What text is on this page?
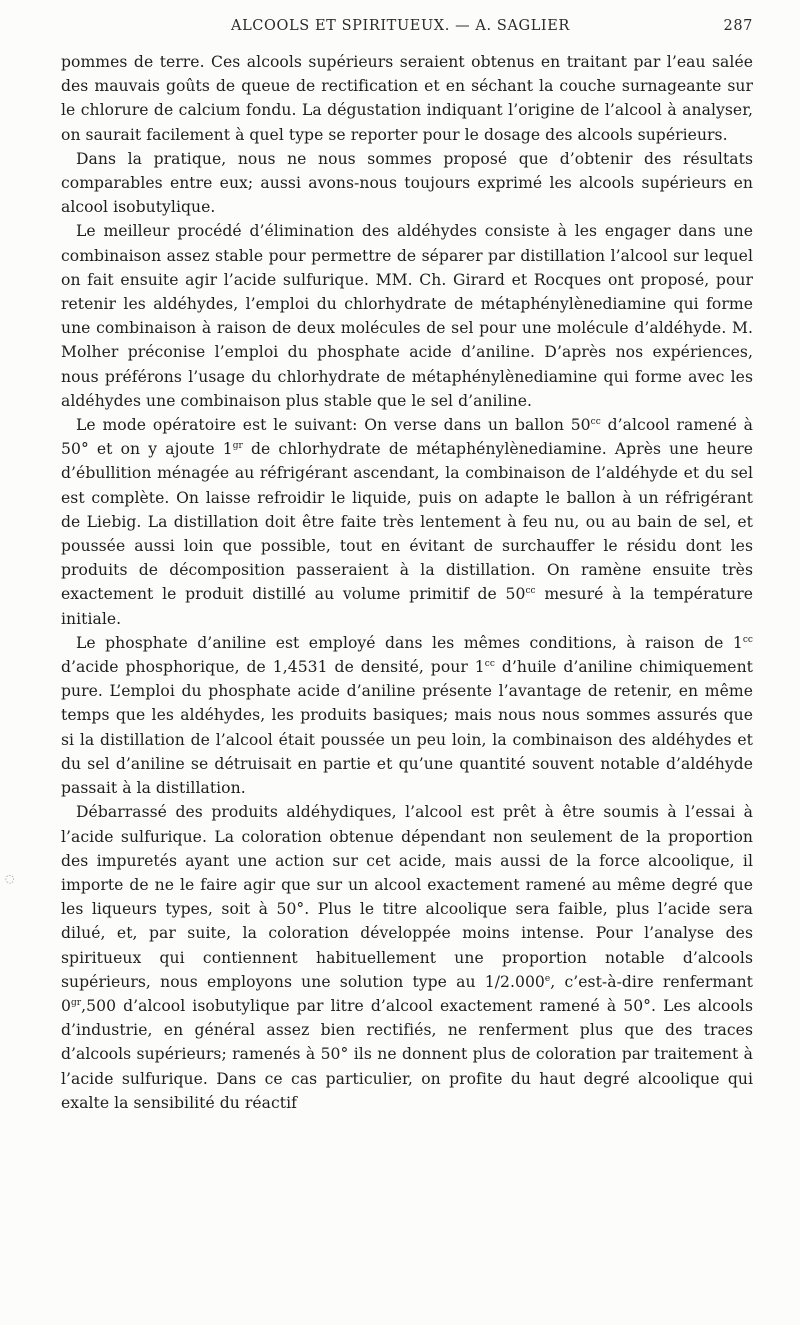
ALCOOLS ET SPIRITUEUX. — A. SAGLIER	287

pommes de terre. Ces alcools supérieurs seraient obtenus en traitant par l’eau salée des mauvais goûts de queue de rectification et en séchant la couche surnageante sur le chlorure de calcium fondu. La dégustation indiquant l’origine de l’alcool à analyser, on saurait facilement à quel type se reporter pour le dosage des alcools supérieurs.

Dans la pratique, nous ne nous sommes proposé que d’obtenir des résultats comparables entre eux; aussi avons-nous toujours exprimé les alcools supérieurs en alcool isobutylique.

Le meilleur procédé d’élimination des aldéhydes consiste à les engager dans une combinaison assez stable pour permettre de séparer par distillation l’alcool sur lequel on fait ensuite agir l’acide sulfurique. MM. Ch. Girard et Rocques ont proposé, pour retenir les aldéhydes, l’emploi du chlorhydrate de métaphénylènediamine qui forme une combinaison à raison de deux molécules de sel pour une molécule d’aldéhyde. M. Molher préconise l’emploi du phosphate acide d’aniline. D’après nos expériences, nous préférons l’usage du chlorhydrate de métaphénylènediamine qui forme avec les aldéhydes une combinaison plus stable que le sel d’aniline.

Le mode opératoire est le suivant: On verse dans un ballon $50^{cc}$ d’alcool ramené à 50° et on y ajoute $1^{gr}$ de chlorhydrate de métaphénylènediamine. Après une heure d’ébullition ménagée au réfrigérant ascendant, la combinaison de l’aldéhyde et du sel est complète. On laisse refroidir le liquide, puis on adapte le ballon à un réfrigérant de Liebig. La distillation doit être faite très lentement à feu nu, ou au bain de sel, et poussée aussi loin que possible, tout en évitant de surchauffer le résidu dont les produits de décomposition passeraient à la distillation. On ramène ensuite très exactement le produit distillé au volume primitif de $50^{cc}$ mesuré à la température initiale.

Le phosphate d’aniline est employé dans les mêmes conditions, à raison de $1^{cc}$ d’acide phosphorique, de 1,4531 de densité, pour $1^{cc}$ d’huile d’aniline chimiquement pure. L’emploi du phosphate acide d’aniline présente l’avantage de retenir, en même temps que les aldéhydes, les produits basiques; mais nous nous sommes assurés que si la distillation de l’alcool était poussée un peu loin, la combinaison des aldéhydes et du sel d’aniline se détruisait en partie et qu’une quantité souvent notable d’aldéhyde passait à la distillation.

Débarrassé des produits aldéhydiques, l’alcool est prêt à être soumis à l’essai à l’acide sulfurique. La coloration obtenue dépendant non seulement de la proportion des impuretés ayant une action sur cet acide, mais aussi de la force alcoolique, il importe de ne le faire agir que sur un alcool exactement ramené au même degré que les liqueurs types, soit à 50°. Plus le titre alcoolique sera faible, plus l’acide sera dilué, et, par suite, la coloration développée moins intense. Pour l’analyse des spiritueux qui contiennent habituellement une proportion notable d’alcools supérieurs, nous employons une solution type au 1/2.000e, c’est-à-dire renfermant $0^{gr},500$ d’alcool isobutylique par litre d’alcool exactement ramené à 50°. Les alcools d’industrie, en général assez bien rectifiés, ne renferment plus que des traces d’alcools supérieurs; ramenés à 50° ils ne donnent plus de coloration par traitement à l’acide sulfurique. Dans ce cas particulier, on profite du haut degré alcoolique qui exalte la sensibilité du réactif

◌
